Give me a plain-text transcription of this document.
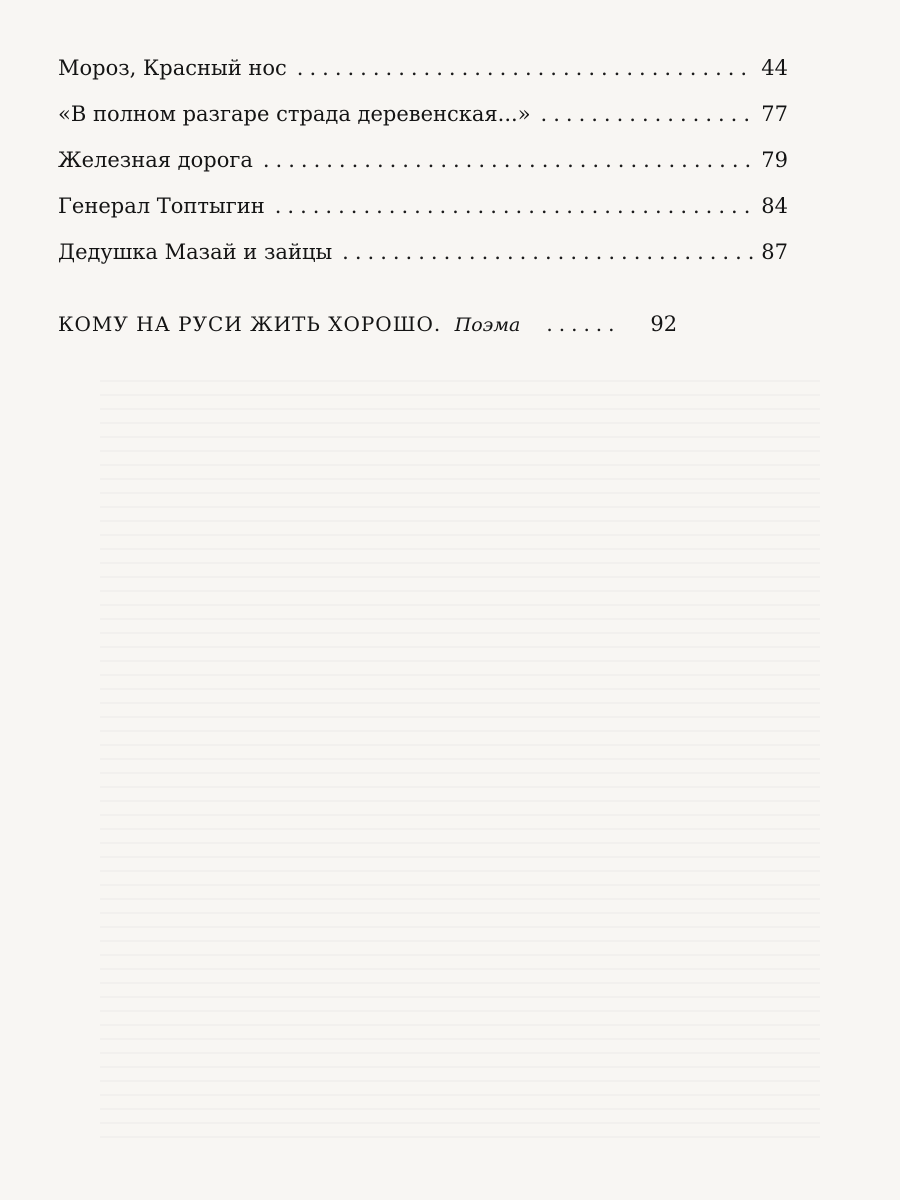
Мороз, Красный нос .....	44
«В полном разгаре страда деревенская...» .....	77
Железная дорога .....	79
Генерал Топтыгин .....	84
Дедушка Мазай и зайцы .....	87
КОМУ НА РУСИ ЖИТЬ ХОРОШО. Поэма ......	92
